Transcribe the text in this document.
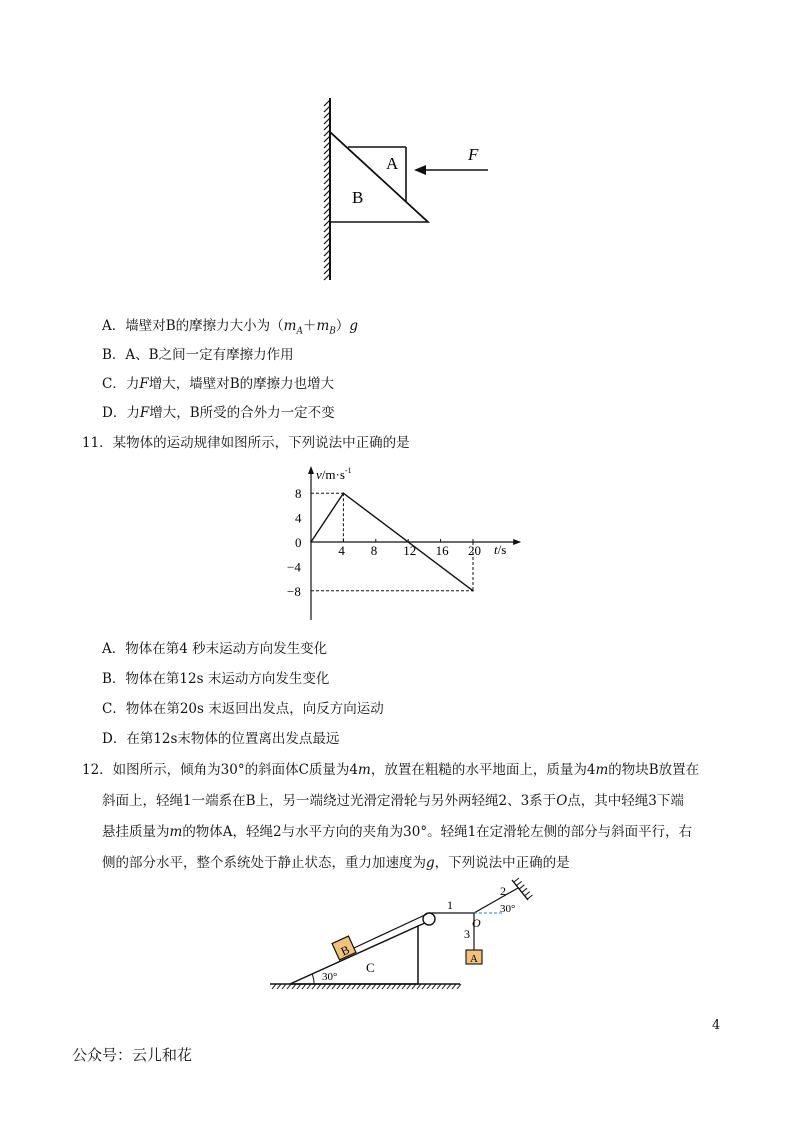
A
B
F
A．墙壁对B的摩擦力大小为$(m_A+m_B)g$
B．A、B之间一定有摩擦力作用
C．力F增大，墙壁对B的摩擦力也增大
D．力F增大，B所受的合外力一定不变
11．某物体的运动规律如图所示，下列说法中正确的是
4 8 12 16 20
8
4
0
−4
−8
$v/m\cdot s^{-1}$
t/s
A．物体在第4 秒末运动方向发生变化
B．物体在第12s 末运动方向发生变化
C．物体在第20s 末返回出发点，向反方向运动
D．在第12s末物体的位置离出发点最远
12．如图所示，倾角为30°的斜面体C质量为4m，放置在粗糙的水平地面上，质量为4m的物块B放置在
斜面上，轻绳1一端系在B上，另一端绕过光滑定滑轮与另外两轻绳2、3系于O点，其中轻绳3下端
悬挂质量为m的物体A，轻绳2与水平方向的夹角为30°。轻绳1在定滑轮左侧的部分与斜面平行，右
侧的部分水平，整个系统处于静止状态，重力加速度为g，下列说法中正确的是
B
A
1
2
3
O
30°
30°
C
4
公众号：云儿和花
